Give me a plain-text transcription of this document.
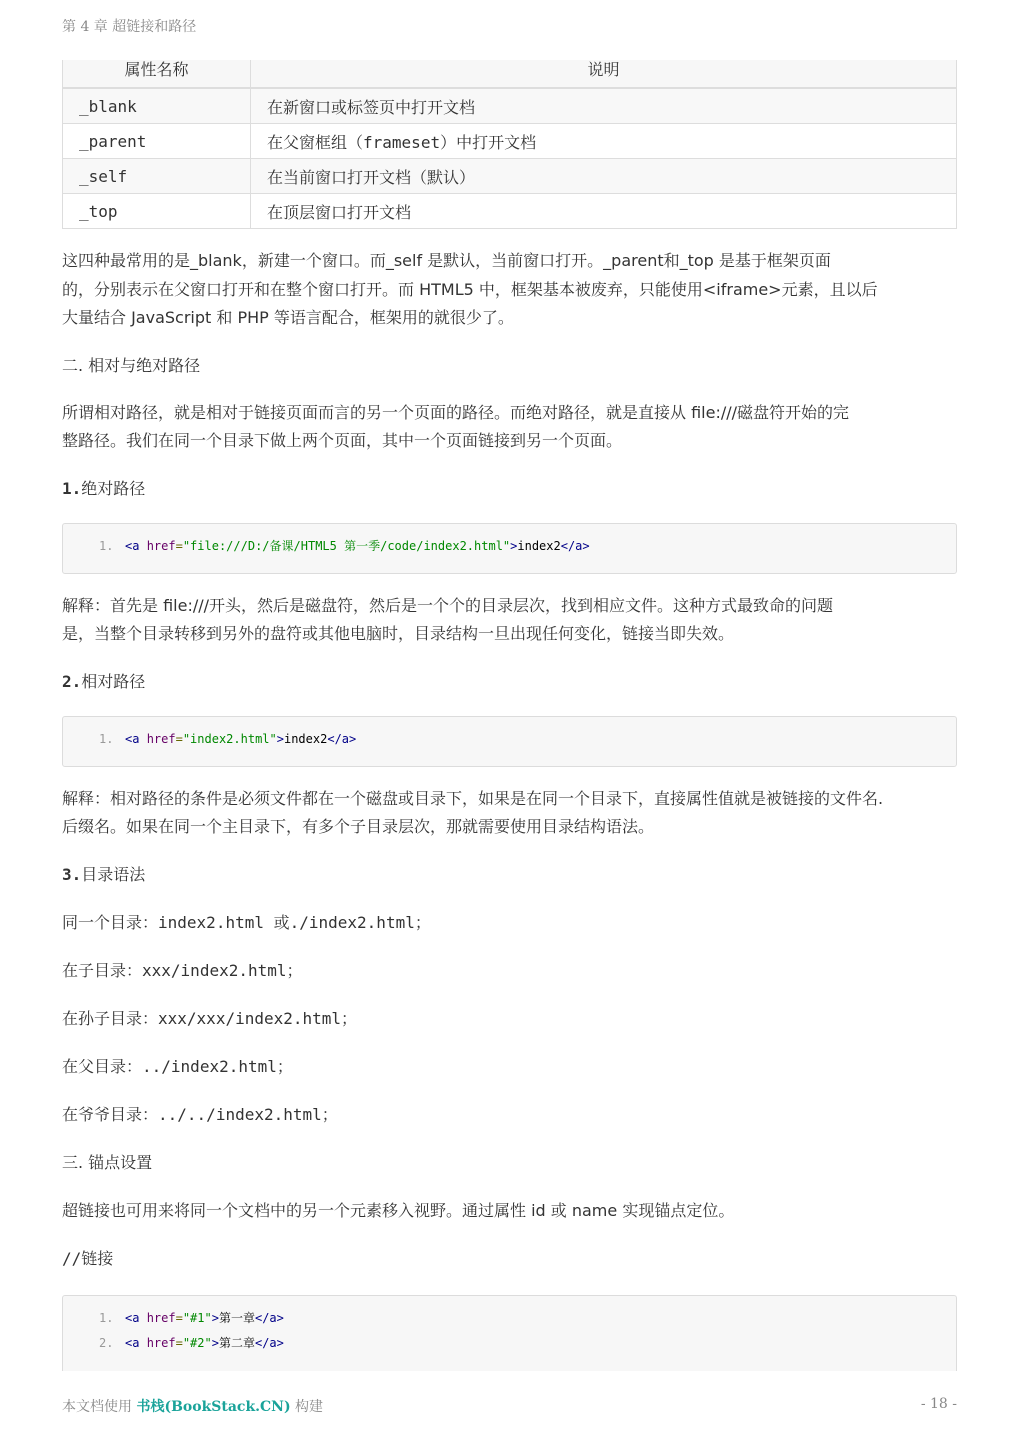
第 4 章 超链接和路径
属性名称	说明
_blank	在新窗口或标签页中打开文档
_parent	在父窗框组（frameset）中打开文档
_self	在当前窗口打开文档（默认）
_top	在顶层窗口打开文档

这四种最常用的是_blank，新建一个窗口。而_self 是默认，当前窗口打开。_parent和_top 是基于框架页面
的，分别表示在父窗口打开和在整个窗口打开。而 HTML5 中，框架基本被废弃，只能使用<iframe>元素，且以后
大量结合 JavaScript 和 PHP 等语言配合，框架用的就很少了。

二. 相对与绝对路径

所谓相对路径，就是相对于链接页面而言的另一个页面的路径。而绝对路径，就是直接从 file:///磁盘符开始的完
整路径。我们在同一个目录下做上两个页面，其中一个页面链接到另一个页面。

1.绝对路径

1. <a href="file:///D:/备课/HTML5 第一季/code/index2.html">index2</a>

解释：首先是 file:///开头，然后是磁盘符，然后是一个个的目录层次，找到相应文件。这种方式最致命的问题
是，当整个目录转移到另外的盘符或其他电脑时，目录结构一旦出现任何变化，链接当即失效。

2.相对路径

1. <a href="index2.html">index2</a>

解释：相对路径的条件是必须文件都在一个磁盘或目录下，如果是在同一个目录下，直接属性值就是被链接的文件名.
后缀名。如果在同一个主目录下，有多个子目录层次，那就需要使用目录结构语法。

3.目录语法

同一个目录：index2.html 或./index2.html；

在子目录：xxx/index2.html；

在孙子目录：xxx/xxx/index2.html；

在父目录：../index2.html；

在爷爷目录：../../index2.html；

三. 锚点设置

超链接也可用来将同一个文档中的另一个元素移入视野。通过属性 id 或 name 实现锚点定位。

//链接

1. <a href="#1">第一章</a>
2. <a href="#2">第二章</a>
本文档使用 书栈(BookStack.CN) 构建	- 18 -
